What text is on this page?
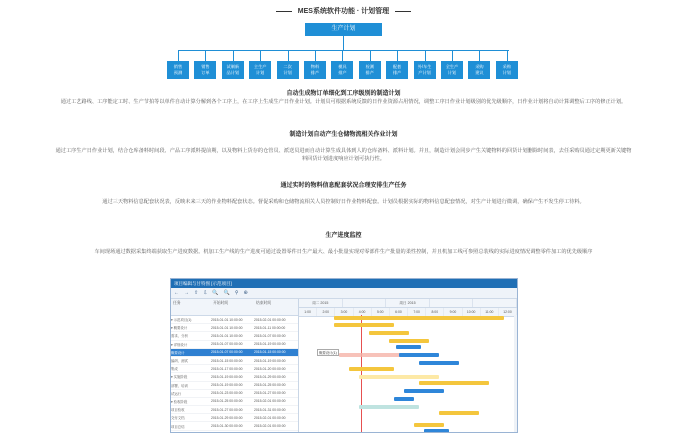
MES系统软件功能 · 计划管理
生产计划
销售
预测
销售
订单
试制新
品计划
主生产
计划
二次
计划
物料
排产
模具
排产
检测
排产
配套
排产
外/车生
产计划
全生产
计划
采购
建议
采购
计划
自动生成物订单细化到工序级别的制造计划
通过工艺路线、工序能定工时、生产节拍等以单件自动计算分解到各个工序上，在工序上生成生产日作业计划。计划员可根据系统反馈的日作业资源占用情况，调整工序日作业计划级别的优先级顺序，日作业计划将自动计算调整后工序的修正计划。
制造计划自动产生仓储物流相关作业计划
通过工序生产日作业计划，结合仓库备料时间段、产品工序派料提前期，以及物料上货存的仓管员、派送员进而自动计算生成具体到人的仓库备料、派料计划。并且，制造计划会同步产生关键物料的回货计划删除时间表，去任采购员通过定期更新关键物料回货计划进度响应计划可执行性。
通过实时的物料信息配套状况合理安排生产任务
通过三天物料信息配套状况表，反映未来三天的作业物料配套状态。督促采购和仓储物流相关人员控制好日作业物料配套。计划员根据实际的物料信息配套情况，对生产计划进行微调，确保产生不发生停工待料。
生产进度监控
车间现场通过数据采集终端获取生产进度数据。机加工生产线的生产进度可通过设置零件日生产最大、最小批量实现对零部件生产批量的柔性控制，并且机加工线可参照总装线的实际进度情况调整零件加工的优先级顺序
项目编辑与甘特图 [示范项目]
← → ⇧ ⇩ 🔍 🔍 ⚲ ⊕
任务	开始时间	结束时间
▾ 示范项目(1)	2015-01-01 10:00:00	2015-02-01 00:00:00
▾ 概要设计	2015-01-01 10:00:00	2015-01-11 00:00:00
需求、分析	2015-01-01 10:00:00	2015-01-07 00:00:00
▾ 详细设计	2015-01-07 00:00:00	2015-01-19 00:00:00
概要设计	2015-01-07 00:00:00	2015-01-15 00:00:00
编码、测试	2015-01-15 00:00:00	2015-01-19 00:00:00
集成	2015-01-17 00:00:00	2015-01-20 00:00:00
▾ 实施阶段	2015-01-19 00:00:00	2015-01-29 00:00:00
部署、培训	2015-01-19 00:00:00	2015-01-25 00:00:00
试运行	2015-01-23 00:00:00	2015-01-27 00:00:00
▾ 验收阶段	2015-01-25 00:00:00	2015-02-01 00:00:00
项目验收	2015-01-27 00:00:00	2015-01-31 00:00:00
交付文档	2015-01-29 00:00:00	2015-02-01 00:00:00
项目总结	2015-01-30 00:00:00	2015-02-01 00:00:00
周二 2015	周日 2015
1:00	2:00	3:00	4:00	5:00	6:00	7:00	8:00	9:00	10:00	11:00	12:00
概要设计(1)
